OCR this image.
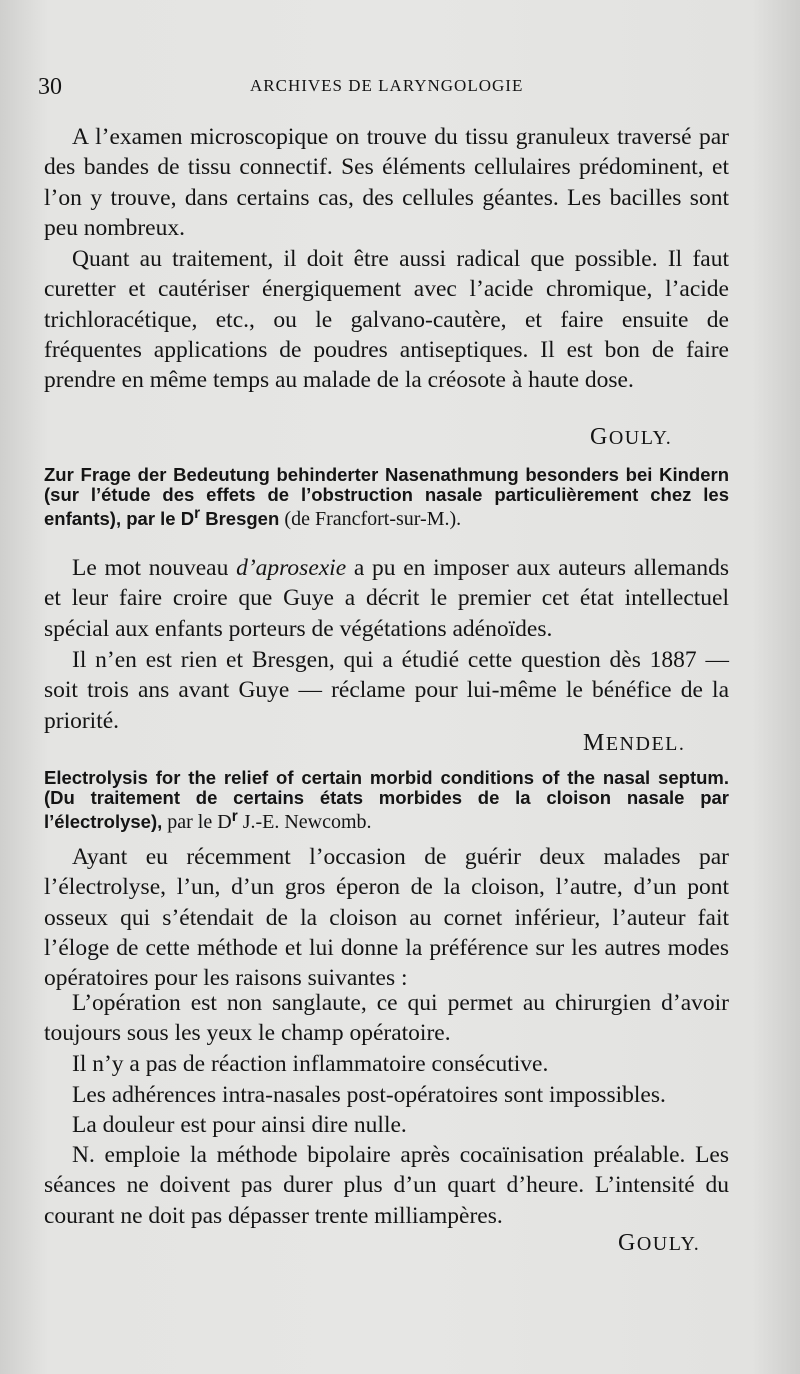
30	ARCHIVES DE LARYNGOLOGIE
A l’examen microscopique on trouve du tissu granuleux traversé par des bandes de tissu connectif. Ses éléments cellulaires prédominent, et l’on y trouve, dans certains cas, des cellules géantes. Les bacilles sont peu nombreux.
Quant au traitement, il doit être aussi radical que possible. Il faut curetter et cautériser énergiquement avec l’acide chromique, l’acide trichloracétique, etc., ou le galvano-cautère, et faire ensuite de fréquentes applications de poudres antiseptiques. Il est bon de faire prendre en même temps au malade de la créosote à haute dose.
GOULY.
Zur Frage der Bedeutung behinderter Nasenathmung besonders bei Kindern (sur l’étude des effets de l’obstruction nasale particulièrement chez les enfants), par le $D^r$ Bresgen (de Francfort-sur-M.).
Le mot nouveau d’aprosexie a pu en imposer aux auteurs allemands et leur faire croire que Guye a décrit le premier cet état intellectuel spécial aux enfants porteurs de végétations adénoïdes.
Il n’en est rien et Bresgen, qui a étudié cette question dès 1887 — soit trois ans avant Guye — réclame pour lui-même le bénéfice de la priorité.
MENDEL.
Electrolysis for the relief of certain morbid conditions of the nasal septum. (Du traitement de certains états morbides de la cloison nasale par l’électrolyse), par le $D^r$ J.-E. Newcomb.
Ayant eu récemment l’occasion de guérir deux malades par l’électrolyse, l’un, d’un gros éperon de la cloison, l’autre, d’un pont osseux qui s’étendait de la cloison au cornet inférieur, l’auteur fait l’éloge de cette méthode et lui donne la préférence sur les autres modes opératoires pour les raisons suivantes :
L’opération est non sanglaute, ce qui permet au chirurgien d’avoir toujours sous les yeux le champ opératoire.
Il n’y a pas de réaction inflammatoire consécutive.
Les adhérences intra-nasales post-opératoires sont impossibles.
La douleur est pour ainsi dire nulle.
N. emploie la méthode bipolaire après cocaïnisation préalable. Les séances ne doivent pas durer plus d’un quart d’heure. L’intensité du courant ne doit pas dépasser trente milliampères.
GOULY.
